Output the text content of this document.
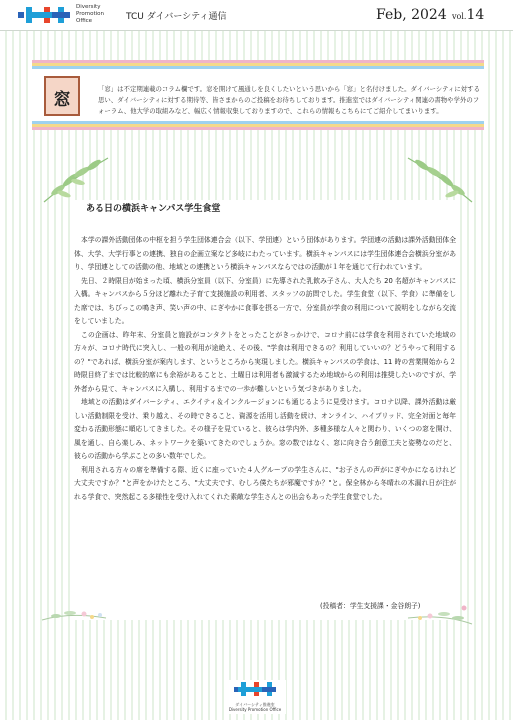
Diversity
Promotion
Office	TCU ダイバーシティ通信	Feb, 2024 vol.14
窓

「窓」は不定期連載のコラム欄です。窓を開けて風通しを良くしたいという思いから「窓」と名付けました。ダイバーシティに対する思い、ダイバーシティに対する期待等、皆さまからのご投稿をお待ちしております。推進室ではダイバーシティ関連の書物や学外のフォーラム、他大学の取組みなど、幅広く情報収集しておりますので、これらの情報もこちらにてご紹介してまいります。

ある日の横浜キャンパス学生食堂

本学の課外活動団体の中枢を担う学生団体連合会（以下、学団連）という団体があります。学団連の活動は課外活動団体全体、大学、大学行事との連携、独自の企画立案など多岐にわたっています。横浜キャンパスには学生団体連合会横浜分室があり、学団連としての活動の他、地域との連携という横浜キャンパスならではの活動が１年を通じて行われています。

先日、２時限目が始まった頃、横浜分室員（以下、分室員）に先導された乳飲み子さん、大人たち 20 名超がキャンパスに入構。キャンパスから５分ほど離れた子育て支援施設の利用者、スタッフの訪問でした。学生食堂（以下、学食）に準備をした席では、ちびっこの鳴き声、笑い声の中、にぎやかに食事を摂る一方で、分室員が学食の利用について説明をしながら交流をしていました。

この企画は、昨年末、分室員と施設がコンタクトをとったことがきっかけで、コロナ前には学食を利用されていた地域の方々が、コロナ時代に突入し、一般の利用が途絶え、その後、"学食は利用できるの？利用していいの？どうやって利用するの？"であれば、横浜分室が案内します、というところから実現しました。横浜キャンパスの学食は、11 時の営業開始から２時限目終了までは比較的席にも余裕があることと、土曜日は利用者も激減するため地域からの利用は推奨したいのですが、学外者から見て、キャンパスに入構し、利用するまでの一歩が難しいという気づきがありました。

地域との活動はダイバーシティ、エクイティ＆インクルージョンにも通じるように見受けます。コロナ以降、課外活動は厳しい活動制限を受け、乗り越え、その時できること、資源を活用し活動を続け、オンライン、ハイブリッド、完全対面と毎年変わる活動形態に順応してきました。その様子を見ていると、彼らは学内外、多種多様な人々と関わり、いくつの窓を開け、風を通し、自ら楽しみ、ネットワークを築いてきたのでしょうか。窓の数ではなく、窓に向き合う創意工夫と姿勢なのだと、彼らの活動から学ぶことの多い数年でした。

利用される方々の席を準備する際、近くに座っていた４人グループの学生さんに、"お子さんの声がにぎやかになるけれど大丈夫ですか？"と声をかけたところ、"大丈夫です、むしろ僕たちが邪魔ですか？"と。保全林から冬晴れの木漏れ日が注がれる学食で、突然起こる多様性を受け入れてくれた素敵な学生さんとの出会もあった学生食堂でした。

(投稿者：学生支援課・金谷朗子)
ダイバーシティ推進室
Diversity Promotion Office
